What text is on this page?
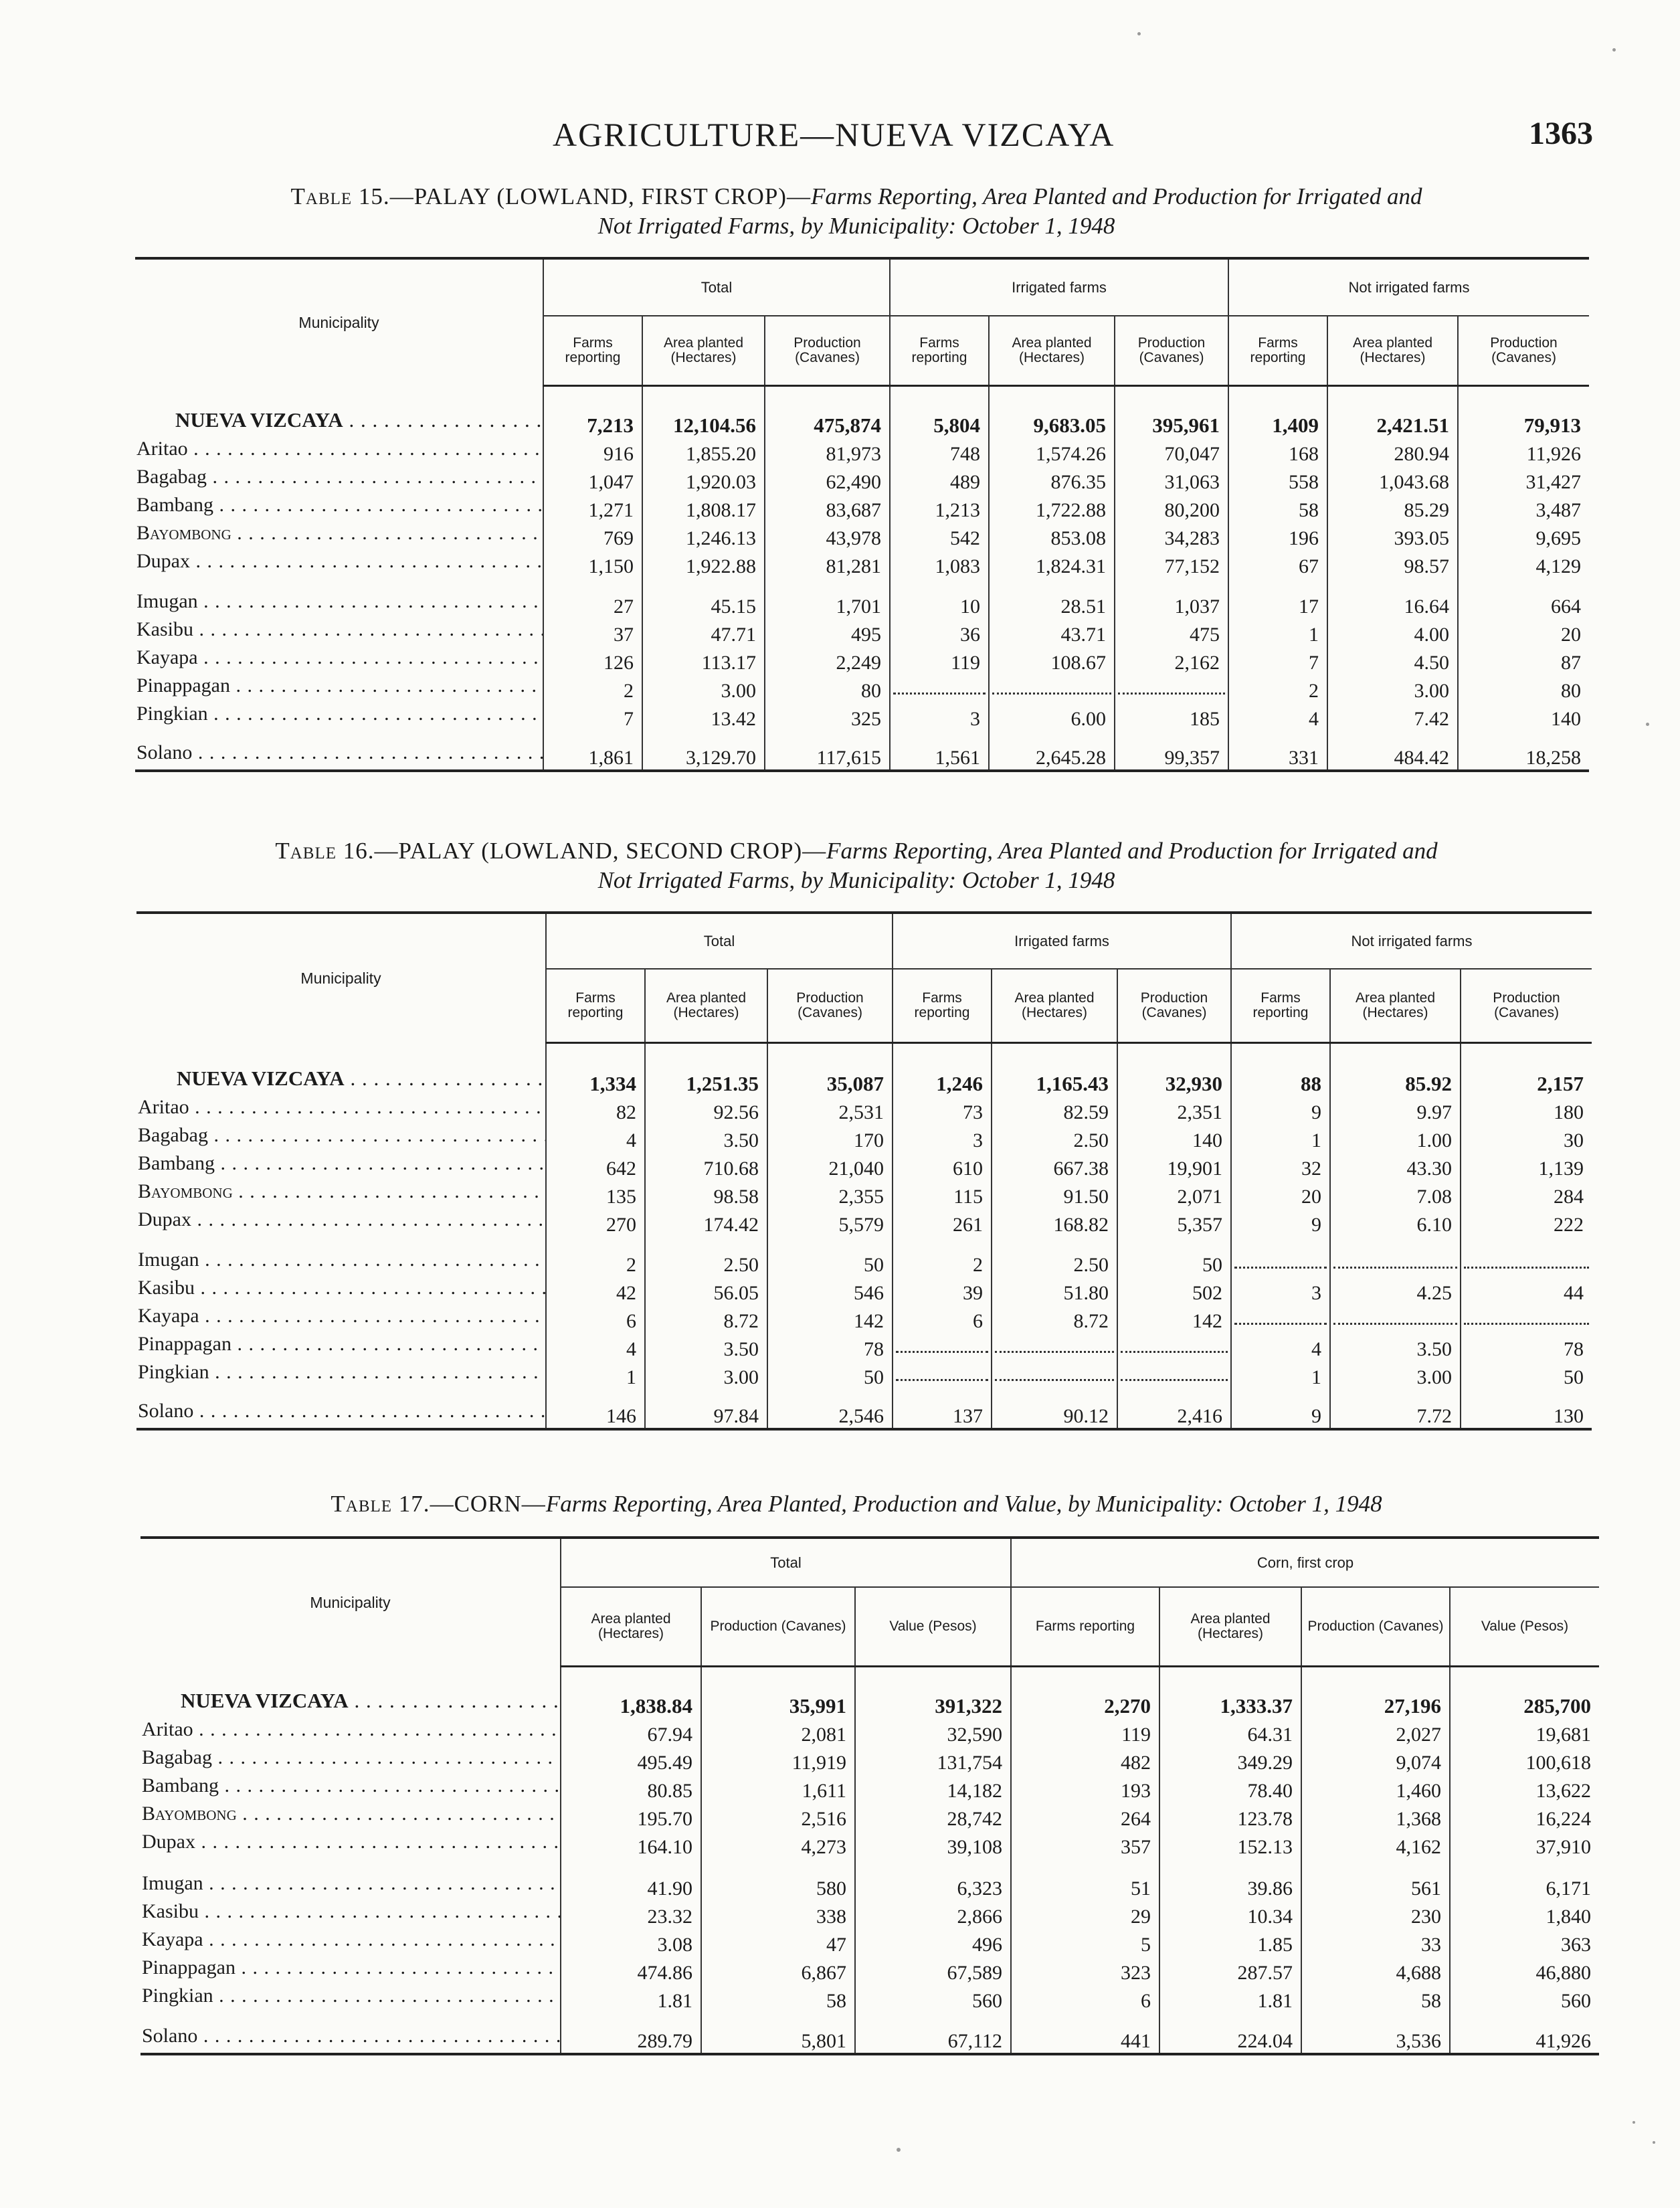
AGRICULTURE—NUEVA VIZCAYA	1363
Table 15.—PALAY (LOWLAND, FIRST CROP)—Farms Reporting, Area Planted and Production for Irrigated and
Not Irrigated Farms, by Municipality: October 1, 1948
Municipality	Total			Irrigated farms			Not irrigated farms		
	Farms reporting	Area planted (Hectares)	Production (Cavanes)	Farms reporting	Area planted (Hectares)	Production (Cavanes)	Farms reporting	Area planted (Hectares)	Production (Cavanes)
NUEVA VIZCAYA . . .	7,213	12,104.56	475,874	5,804	9,683.05	395,961	1,409	2,421.51	79,913
Aritao . . .	916	1,855.20	81,973	748	1,574.26	70,047	168	280.94	11,926
Bagabag . . .	1,047	1,920.03	62,490	489	876.35	31,063	558	1,043.68	31,427
Bambang . . .	1,271	1,808.17	83,687	1,213	1,722.88	80,200	58	85.29	3,487
Bayombong . . .	769	1,246.13	43,978	542	853.08	34,283	196	393.05	9,695
Dupax . . .	1,150	1,922.88	81,281	1,083	1,824.31	77,152	67	98.57	4,129
Imugan . . .	27	45.15	1,701	10	28.51	1,037	17	16.64	664
Kasibu . . .	37	47.71	495	36	43.71	475	1	4.00	20
Kayapa . . .	126	113.17	2,249	119	108.67	2,162	7	4.50	87
Pinappagan . . .	2	3.00	80				2	3.00	80
Pingkian . . .	7	13.42	325	3	6.00	185	4	7.42	140
Solano . . .	1,861	3,129.70	117,615	1,561	2,645.28	99,357	331	484.42	18,258
Table 16.—PALAY (LOWLAND, SECOND CROP)—Farms Reporting, Area Planted and Production for Irrigated and
Not Irrigated Farms, by Municipality: October 1, 1948
Municipality	Total			Irrigated farms			Not irrigated farms		
	Farms reporting	Area planted (Hectares)	Production (Cavanes)	Farms reporting	Area planted (Hectares)	Production (Cavanes)	Farms reporting	Area planted (Hectares)	Production (Cavanes)
NUEVA VIZCAYA . . .	1,334	1,251.35	35,087	1,246	1,165.43	32,930	88	85.92	2,157
Aritao . . .	82	92.56	2,531	73	82.59	2,351	9	9.97	180
Bagabag . . .	4	3.50	170	3	2.50	140	1	1.00	30
Bambang . . .	642	710.68	21,040	610	667.38	19,901	32	43.30	1,139
Bayombong . . .	135	98.58	2,355	115	91.50	2,071	20	7.08	284
Dupax . . .	270	174.42	5,579	261	168.82	5,357	9	6.10	222
Imugan . . .	2	2.50	50	2	2.50	50			
Kasibu . . .	42	56.05	546	39	51.80	502	3	4.25	44
Kayapa . . .	6	8.72	142	6	8.72	142			
Pinappagan . . .	4	3.50	78				4	3.50	78
Pingkian . . .	1	3.00	50				1	3.00	50
Solano . . .	146	97.84	2,546	137	90.12	2,416	9	7.72	130
Table 17.—CORN—Farms Reporting, Area Planted, Production and Value, by Municipality: October 1, 1948
Municipality	Total			Corn, first crop			
	Area planted (Hectares)	Production (Cavanes)	Value (Pesos)	Farms reporting	Area planted (Hectares)	Production (Cavanes)	Value (Pesos)
NUEVA VIZCAYA . . .	1,838.84	35,991	391,322	2,270	1,333.37	27,196	285,700
Aritao . . .	67.94	2,081	32,590	119	64.31	2,027	19,681
Bagabag . . .	495.49	11,919	131,754	482	349.29	9,074	100,618
Bambang . . .	80.85	1,611	14,182	193	78.40	1,460	13,622
Bayombong . . .	195.70	2,516	28,742	264	123.78	1,368	16,224
Dupax . . .	164.10	4,273	39,108	357	152.13	4,162	37,910
Imugan . . .	41.90	580	6,323	51	39.86	561	6,171
Kasibu . . .	23.32	338	2,866	29	10.34	230	1,840
Kayapa . . .	3.08	47	496	5	1.85	33	363
Pinappagan . . .	474.86	6,867	67,589	323	287.57	4,688	46,880
Pingkian . . .	1.81	58	560	6	1.81	58	560
Solano . . .	289.79	5,801	67,112	441	224.04	3,536	41,926
